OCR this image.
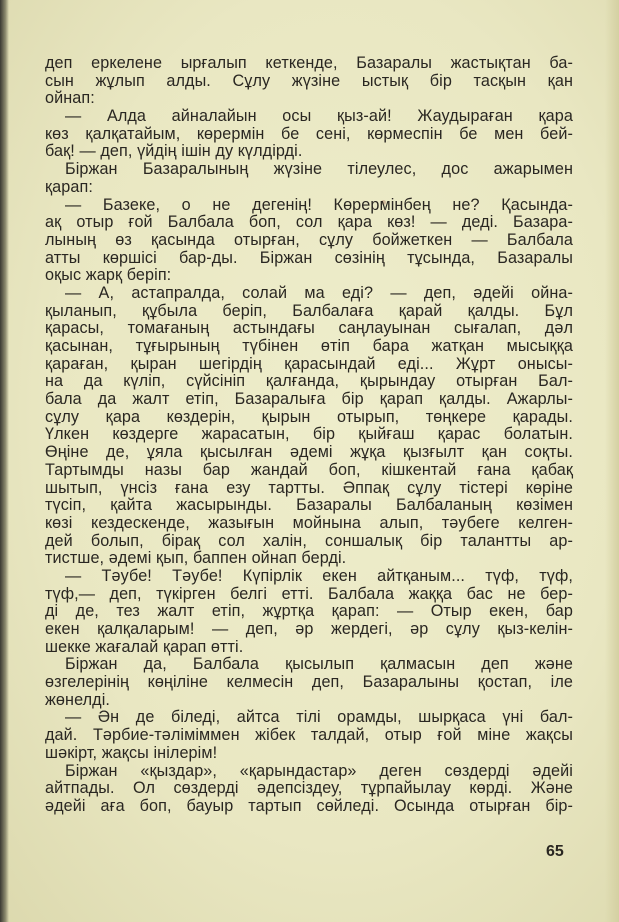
деп еркелене ырғалып кеткенде, Базаралы жастықтан ба-
сын жұлып алды. Сұлу жүзіне ыстық бір тасқын қан
ойнап:
— Алда айналайын осы қыз-ай! Жаудыраған қара
көз қалқатайым, көрермін бе сені, көрмеспін бе мен бей-
бақ! — деп, үйдің ішін ду күлдірді.
Біржан Базаралының жүзіне тілеулес, дос ажарымен
қарап:
— Базеке, о не дегенің! Көрермінбең не? Қасында-
ақ отыр ғой Балбала боп, сол қара көз! — деді. Базара-
лының өз қасында отырған, сұлу бойжеткен — Балбала
атты көршісі бар-ды. Біржан сөзінің тұсында, Базаралы
оқыс жарқ беріп:
— А, астапралда, солай ма еді? — деп, әдейі ойна-
қыланып, құбыла беріп, Балбалаға қарай қалды. Бұл
қарасы, томағаның астындағы саңлауынан сығалап, дәл
қасынан, тұғырының түбінен өтіп бара жатқан мысыққа
қараған, қыран шегірдің қарасындай еді... Жұрт онысы-
на да күліп, сүйсініп қалғанда, қырындау отырған Бал-
бала да жалт етіп, Базаралыға бір қарап қалды. Ажарлы-
сұлу қара көздерін, қырын отырып, төңкере қарады.
Үлкен көздерге жарасатын, бір қыйғаш қарас болатын.
Өңіне де, ұяла қысылған әдемі жұқа қызғылт қан соқты.
Тартымды назы бар жандай боп, кішкентай ғана қабақ
шытып, үнсіз ғана езу тартты. Әппақ сұлу тістері көріне
түсіп, қайта жасырынды. Базаралы Балбаланың көзімен
көзі кездескенде, жазығын мойнына алып, тәубеге келген-
дей болып, бірақ сол халін, соншалық бір талантты ар-
тистше, әдемі қып, баппен ойнап берді.
— Тәубе! Тәубе! Күпірлік екен айтқаным... түф, түф,
түф,— деп, түкірген белгі етті. Балбала жаққа бас не бер-
ді де, тез жалт етіп, жұртқа қарап: — Отыр екен, бар
екен қалқаларым! — деп, әр жердегі, әр сұлу қыз-келін-
шекке жағалай қарап өтті.
Біржан да, Балбала қысылып қалмасын деп және
өзгелерінің көңіліне келмесін деп, Базаралыны қостап, іле
жөнелді.
— Ән де біледі, айтса тілі орамды, шырқаса үні бал-
дай. Тәрбие-тәліміммен жібек талдай, отыр ғой міне жақсы
шәкірт, жақсы інілерім!
Біржан «қыздар», «қарындастар» деген сөздерді әдейі
айтпады. Ол сөздерді әдепсіздеу, тұрпайылау көрді. Және
әдейі аға боп, бауыр тартып сөйледі. Осында отырған бір-
65
